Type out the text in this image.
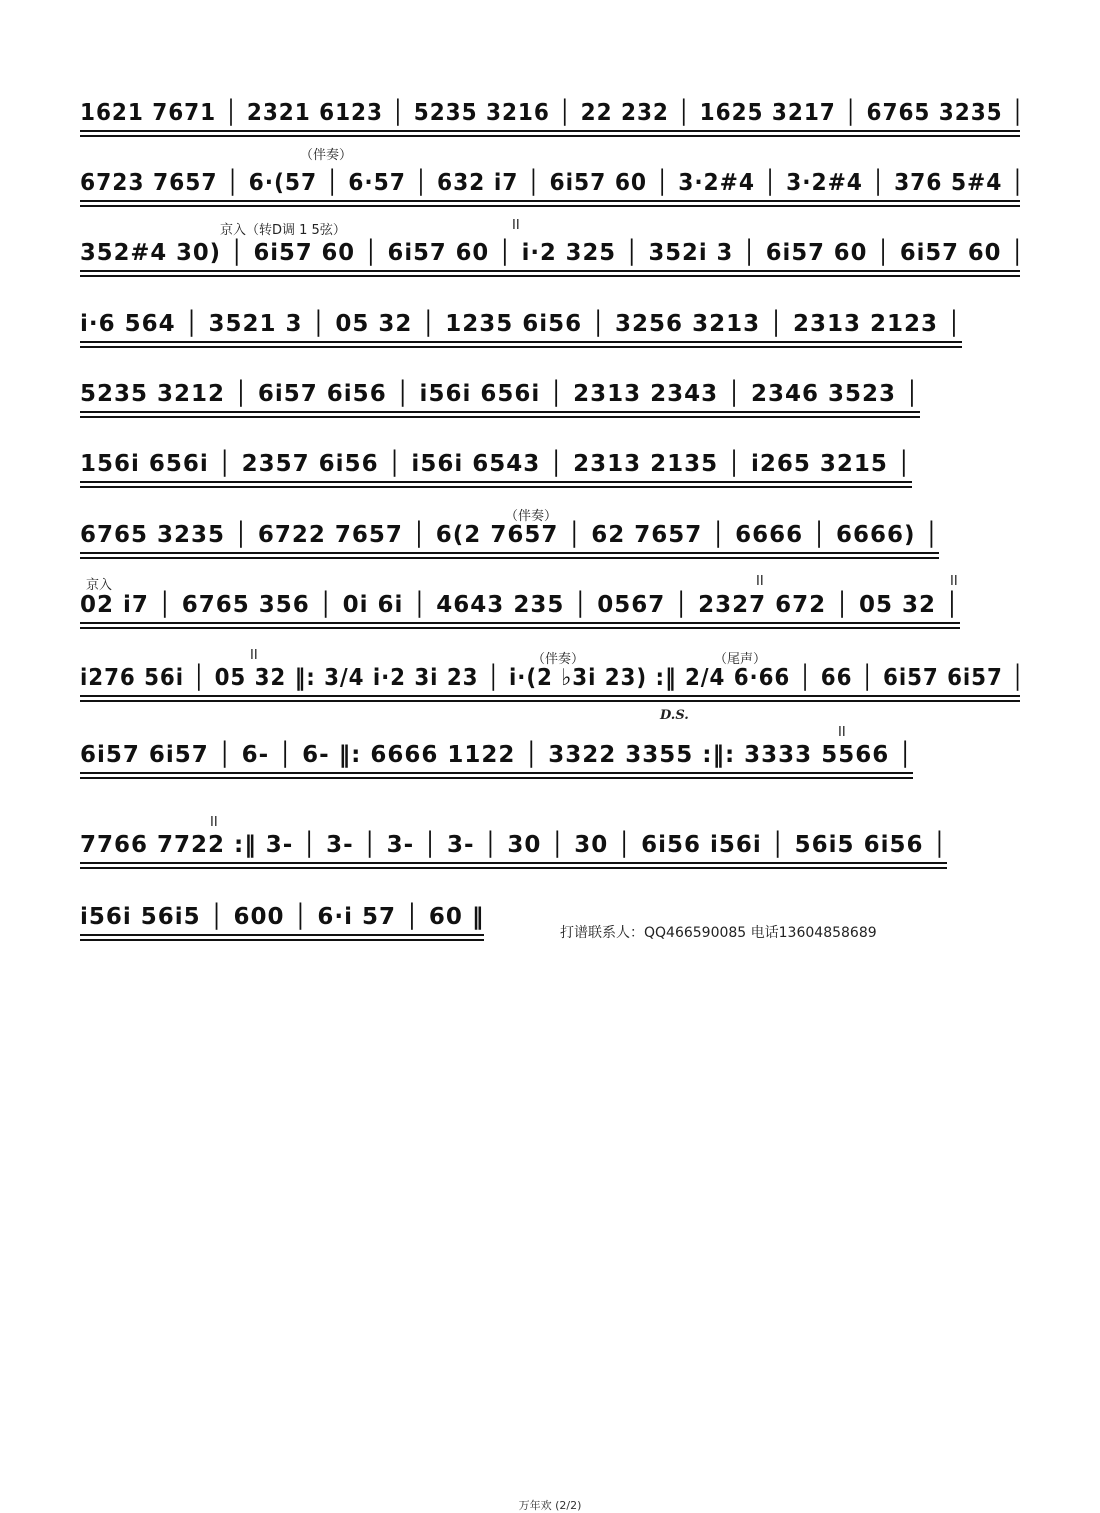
1621 7671 │ 2321 6123 │ 5235 3216 │ 22 232 │ 1625 3217 │ 6765 3235 │
6723 7657 │ 6·(57 │ 6·57 │ 632 i7 │ 6i57 60 │ 3·2#4 │ 3·2#4 │ 376 5#4 │
352#4 30) │ 6i57 60 │ 6i57 60 │ i·2 325 │ 352i 3 │ 6i57 60 │ 6i57 60 │
i·6 564 │ 3521 3 │ 05 32 │ 1235 6i56 │ 3256 3213 │ 2313 2123 │
5235 3212 │ 6i57 6i56 │ i56i 656i │ 2313 2343 │ 2346 3523 │
156i 656i │ 2357 6i56 │ i56i 6543 │ 2313 2135 │ i265 3215 │
6765 3235 │ 6722 7657 │ 6(2 7657 │ 62 7657 │ 6666 │ 6666) │
02 i7 │ 6765 356 │ 0i 6i │ 4643 235 │ 0567 │ 2327 672 │ 05 32 │
i276 56i │ 05 32 ‖: 3/4 i·2 3i 23 │ i·(2 ♭3i 23) :‖ 2/4 6·66 │ 66 │ 6i57 6i57 │
6i57 6i57 │ 6- │ 6- ‖: 6666 1122 │ 3322 3355 :‖: 3333 5566 │
7766 7722 :‖ 3- │ 3- │ 3- │ 3- │ 30 │ 30 │ 6i56 i56i │ 56i5 6i56 │
i56i 56i5 │ 600 │ 6·i 57 │ 60 ‖
（伴奏）
京入（转D调 1 5弦）	II
（伴奏）
京入	II	II
II	（伴奏）	（尾声）
D.S.
II
II
打谱联系人：QQ466590085 电话13604858689
万年欢 (2/2)
